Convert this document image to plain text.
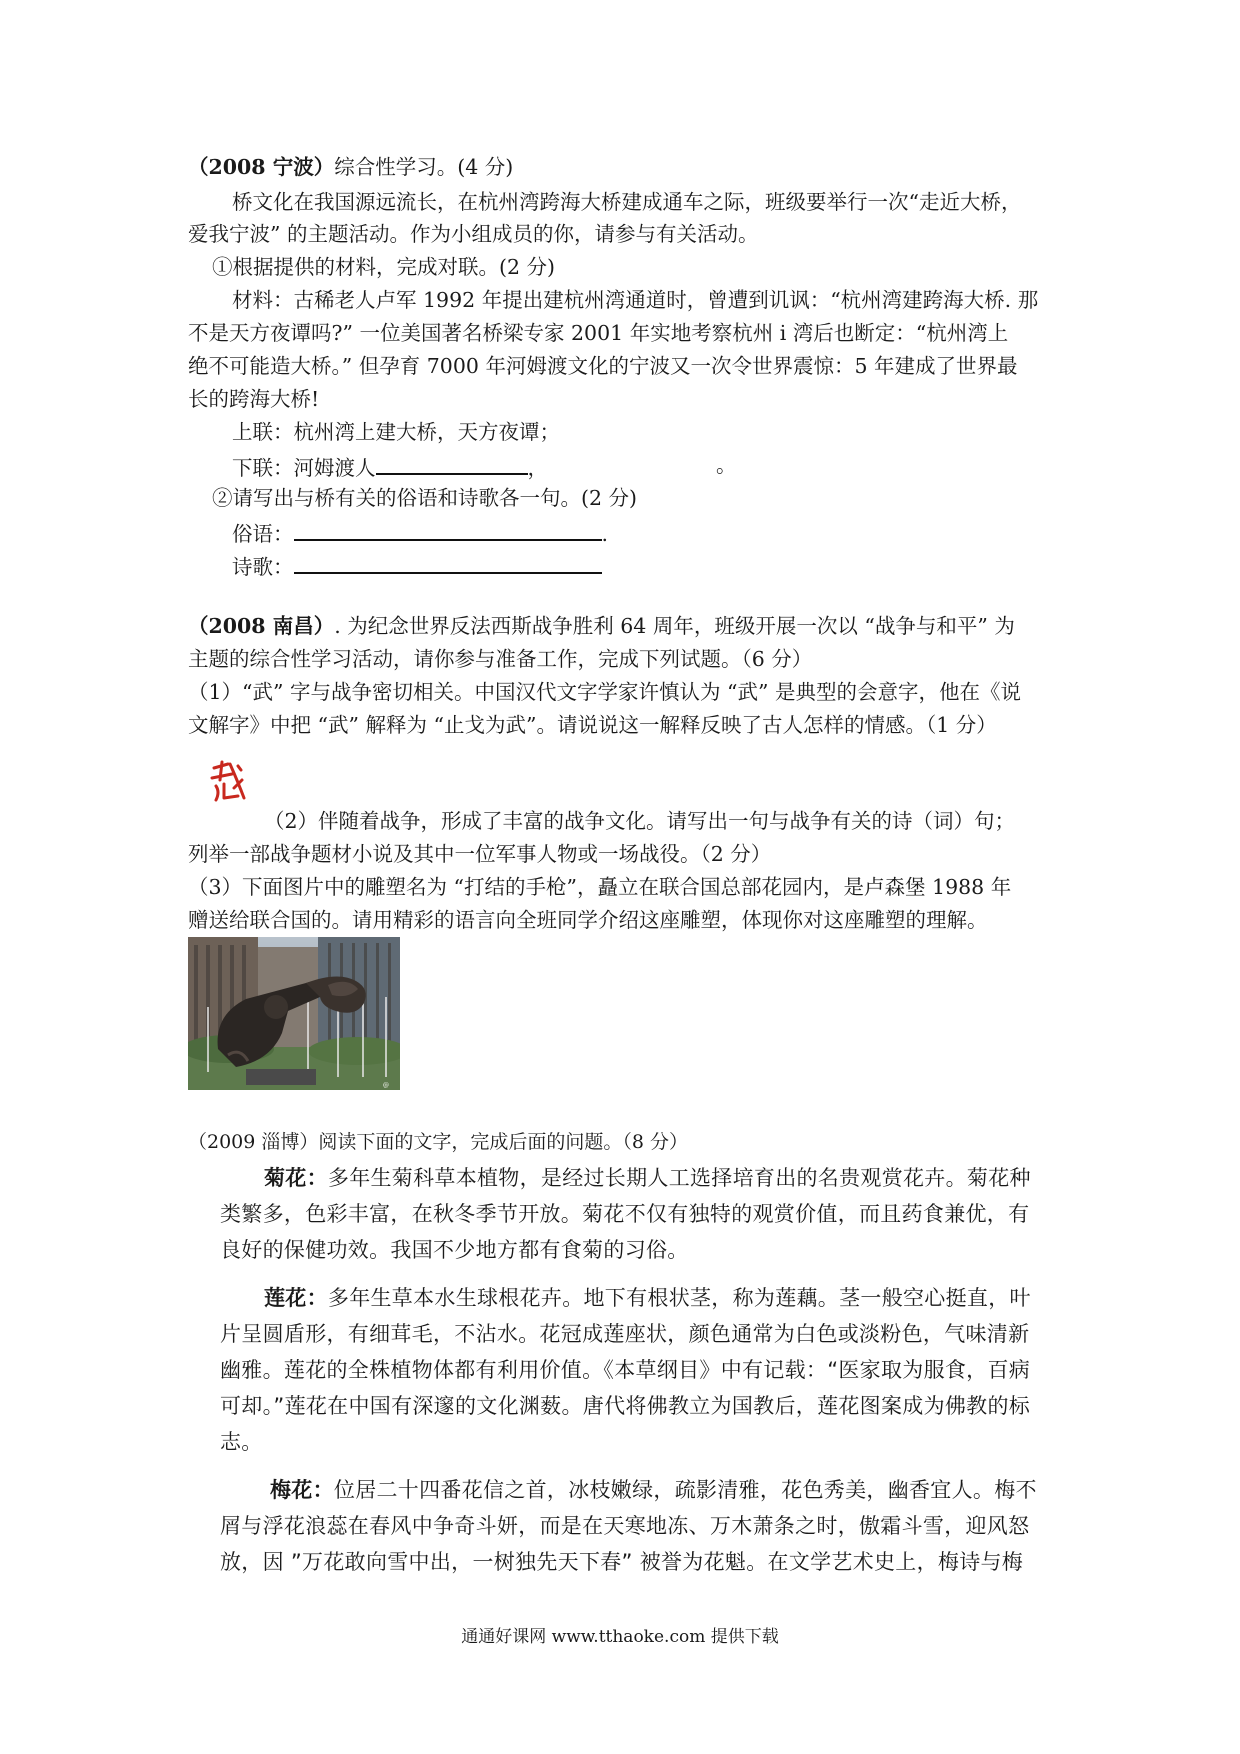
（2008 宁波）综合性学习。(4 分)
桥文化在我国源远流长，在杭州湾跨海大桥建成通车之际，班级要举行一次“走近大桥，
爱我宁波” 的主题活动。作为小组成员的你，请参与有关活动。
①根据提供的材料，完成对联。(2 分)
材料：古稀老人卢军 1992 年提出建杭州湾通道时，曾遭到讥讽：“杭州湾建跨海大桥. 那
不是天方夜谭吗?” 一位美国著名桥梁专家 2001 年实地考察杭州 i 湾后也断定：“杭州湾上
绝不可能造大桥。” 但孕育 7000 年河姆渡文化的宁波又一次令世界震惊：5 年建成了世界最
长的跨海大桥!
上联：杭州湾上建大桥，天方夜谭；
下联：河姆渡人	，	。
②请写出与桥有关的俗语和诗歌各一句。(2 分)
俗语：	.
诗歌：
（2008 南昌）. 为纪念世界反法西斯战争胜利 64 周年，班级开展一次以 “战争与和平” 为
主题的综合性学习活动，请你参与准备工作，完成下列试题。（6 分）
（1）“武” 字与战争密切相关。中国汉代文字学家许慎认为 “武” 是典型的会意字，他在《说
文解字》中把 “武” 解释为 “止戈为武”。请说说这一解释反映了古人怎样的情感。（1 分）
（2）伴随着战争，形成了丰富的战争文化。请写出一句与战争有关的诗（词）句；
列举一部战争题材小说及其中一位军事人物或一场战役。（2 分）
（3）下面图片中的雕塑名为 “打结的手枪”，矗立在联合国总部花园内，是卢森堡 1988 年
赠送给联合国的。请用精彩的语言向全班同学介绍这座雕塑，体现你对这座雕塑的理解。
@
（2009 淄博）阅读下面的文字，完成后面的问题。（8 分）
菊花：多年生菊科草本植物，是经过长期人工选择培育出的名贵观赏花卉。菊花种
类繁多，色彩丰富，在秋冬季节开放。菊花不仅有独特的观赏价值，而且药食兼优，有
良好的保健功效。我国不少地方都有食菊的习俗。
莲花：多年生草本水生球根花卉。地下有根状茎，称为莲藕。茎一般空心挺直，叶
片呈圆盾形，有细茸毛，不沾水。花冠成莲座状，颜色通常为白色或淡粉色，气味清新
幽雅。莲花的全株植物体都有利用价值。《本草纲目》中有记载：“医家取为服食，百病
可却。”莲花在中国有深邃的文化渊薮。唐代将佛教立为国教后，莲花图案成为佛教的标
志。
梅花：位居二十四番花信之首，冰枝嫩绿，疏影清雅，花色秀美，幽香宜人。梅不
屑与浮花浪蕊在春风中争奇斗妍，而是在天寒地冻、万木萧条之时，傲霜斗雪，迎风怒
放，因 ”万花敢向雪中出，一树独先天下春” 被誉为花魁。在文学艺术史上，梅诗与梅
通通好课网 www.tthaoke.com 提供下载
